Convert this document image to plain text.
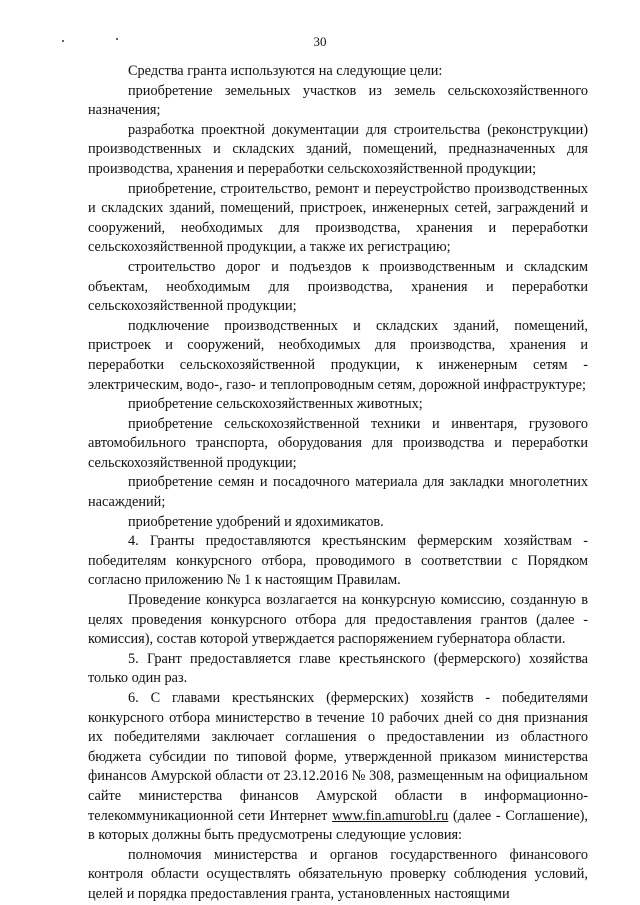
30

Средства гранта используются на следующие цели:

приобретение земельных участков из земель сельскохозяйственного назначения;

разработка проектной документации для строительства (реконструкции) производственных и складских зданий, помещений, предназначенных для производства, хранения и переработки сельскохозяйственной продукции;

приобретение, строительство, ремонт и переустройство производственных и складских зданий, помещений, пристроек, инженерных сетей, заграждений и сооружений, необходимых для производства, хранения и переработки сельскохозяйственной продукции, а также их регистрацию;

строительство дорог и подъездов к производственным и складским объектам, необходимым для производства, хранения и переработки сельскохозяйственной продукции;

подключение производственных и складских зданий, помещений, пристроек и сооружений, необходимых для производства, хранения и переработки сельскохозяйственной продукции, к инженерным сетям - электрическим, водо-, газо- и теплопроводным сетям, дорожной инфраструктуре;

приобретение сельскохозяйственных животных;

приобретение сельскохозяйственной техники и инвентаря, грузового автомобильного транспорта, оборудования для производства и переработки сельскохозяйственной продукции;

приобретение семян и посадочного материала для закладки многолетних насаждений;

приобретение удобрений и ядохимикатов.

4. Гранты предоставляются крестьянским фермерским хозяйствам - победителям конкурсного отбора, проводимого в соответствии с Порядком согласно приложению № 1 к настоящим Правилам.

Проведение конкурса возлагается на конкурсную комиссию, созданную в целях проведения конкурсного отбора для предоставления грантов (далее - комиссия), состав которой утверждается распоряжением губернатора области.

5. Грант предоставляется главе крестьянского (фермерского) хозяйства только один раз.

6. С главами крестьянских (фермерских) хозяйств - победителями конкурсного отбора министерство в течение 10 рабочих дней со дня признания их победителями заключает соглашения о предоставлении из областного бюджета субсидии по типовой форме, утвержденной приказом министерства финансов Амурской области от 23.12.2016 № 308, размещенным на официальном сайте министерства финансов Амурской области в информационно-телекоммуникационной сети Интернет www.fin.amurobl.ru (далее - Соглашение), в которых должны быть предусмотрены следующие условия:

полномочия министерства и органов государственного финансового контроля области осуществлять обязательную проверку соблюдения условий, целей и порядка предоставления гранта, установленных настоящими
